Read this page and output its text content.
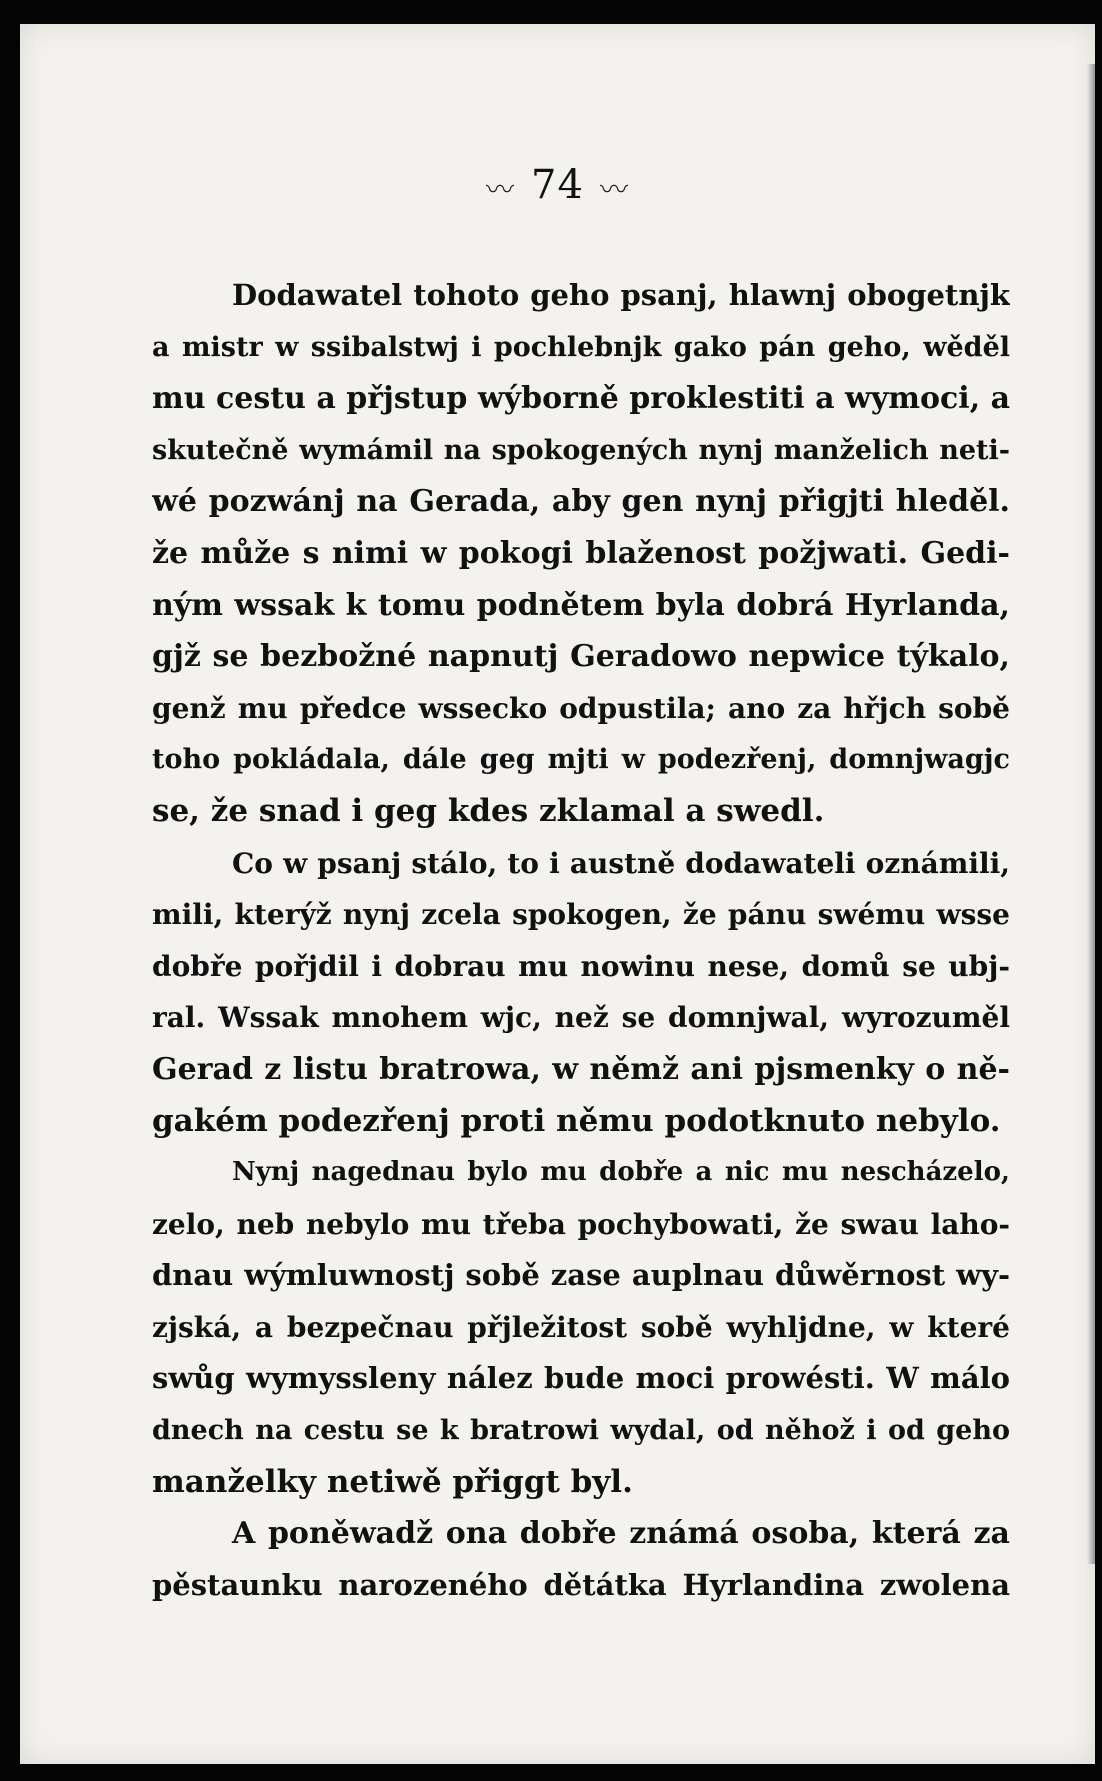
〰 74 〰
Dodawatel tohoto geho psanj, hlawnj obogetnjk
a mistr w ssibalstwj i pochlebnjk gako pán geho, wěděl
mu cestu a přjstup wýborně proklestiti a wymoci, a
skutečně wymámil na spokogených nynj manželich neti-
wé pozwánj na Gerada, aby gen nynj přigjti hleděl.
že může s nimi w pokogi blaženost požjwati. Gedi-
ným wssak k tomu podnětem byla dobrá Hyrlanda,
gjž se bezbožné napnutj Geradowo nepwice týkalo,
genž mu předce wssecko odpustila; ano za hřjch sobě
toho pokládala, dále geg mjti w podezřenj, domnjwagjc
se, že snad i geg kdes zklamal a swedl.
Co w psanj stálo, to i austně dodawateli oznámili,
mili, kterýž nynj zcela spokogen, že pánu swému wsse
dobře pořjdil i dobrau mu nowinu nese, domů se ubj-
ral. Wssak mnohem wjc, než se domnjwal, wyrozuměl
Gerad z listu bratrowa, w němž ani pjsmenky o ně-
gakém podezřenj proti němu podotknuto nebylo.
Nynj nagednau bylo mu dobře a nic mu nescházelo,
zelo, neb nebylo mu třeba pochybowati, že swau laho-
dnau wýmluwnostj sobě zase auplnau důwěrnost wy-
zjská, a bezpečnau přjležitost sobě wyhljdne, w které
swůg wymyssleny nález bude moci prowésti. W málo
dnech na cestu se k bratrowi wydal, od něhož i od geho
manželky netiwě přiggt byl.
A poněwadž ona dobře známá osoba, která za
pěstaunku narozeného dětátka Hyrlandina zwolena
